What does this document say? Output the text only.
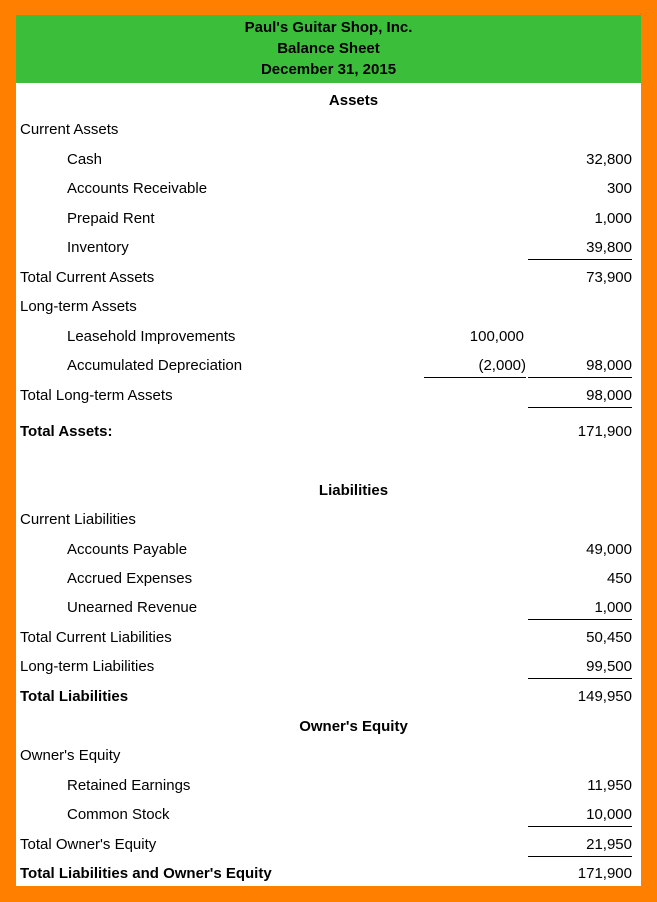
Paul's Guitar Shop, Inc.
Balance Sheet
December 31, 2015
Assets
Current Assets
Cash	32,800
Accounts Receivable	300
Prepaid Rent	1,000
Inventory	39,800
Total Current Assets	73,900
Long-term Assets
Leasehold Improvements	100,000
Accumulated Depreciation	(2,000)	98,000
Total Long-term Assets	98,000
Total Assets:	171,900
Liabilities
Current Liabilities
Accounts Payable	49,000
Accrued Expenses	450
Unearned Revenue	1,000
Total Current Liabilities	50,450
Long-term Liabilities	99,500
Total Liabilities	149,950
Owner's Equity
Owner's Equity
Retained Earnings	11,950
Common Stock	10,000
Total Owner's Equity	21,950
Total Liabilities and Owner's Equity	171,900
